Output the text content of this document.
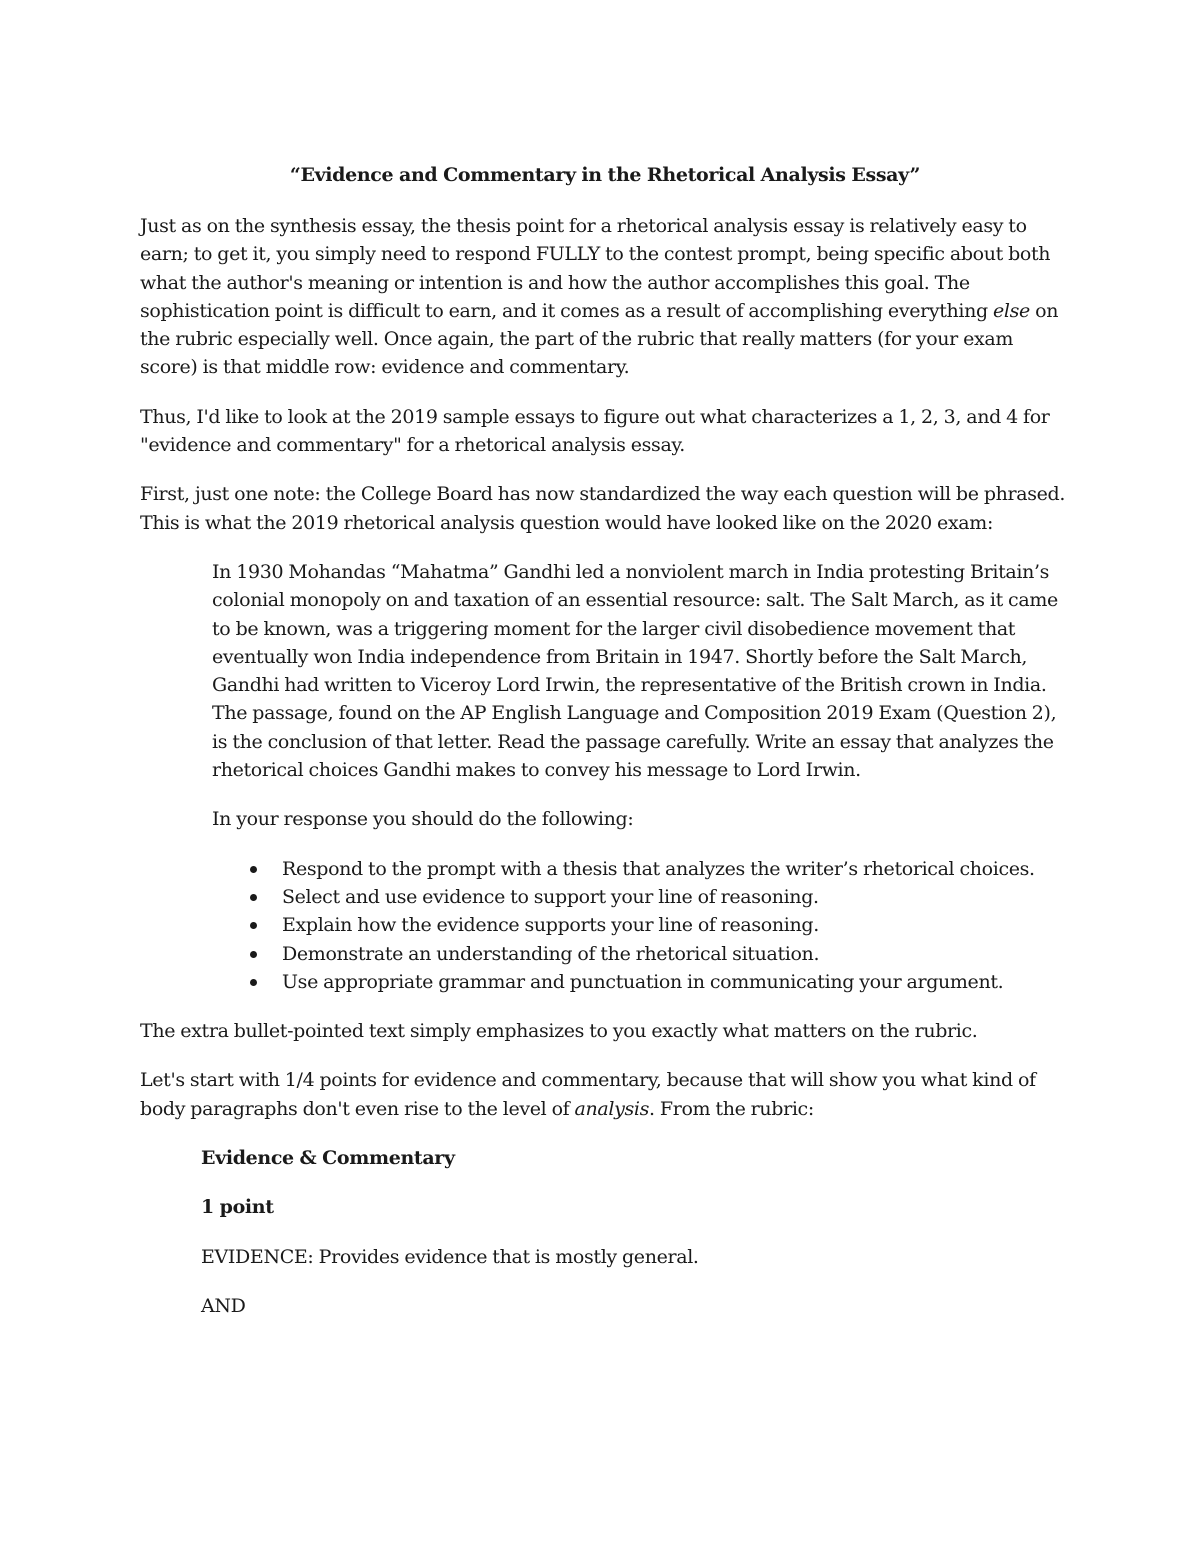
“Evidence and Commentary in the Rhetorical Analysis Essay”

Just as on the synthesis essay, the thesis point for a rhetorical analysis essay is relatively easy to earn; to get it, you simply need to respond FULLY to the contest prompt, being specific about both what the author's meaning or intention is and how the author accomplishes this goal. The sophistication point is difficult to earn, and it comes as a result of accomplishing everything else on the rubric especially well. Once again, the part of the rubric that really matters (for your exam score) is that middle row: evidence and commentary.

Thus, I'd like to look at the 2019 sample essays to figure out what characterizes a 1, 2, 3, and 4 for "evidence and commentary" for a rhetorical analysis essay.

First, just one note: the College Board has now standardized the way each question will be phrased. This is what the 2019 rhetorical analysis question would have looked like on the 2020 exam:

In 1930 Mohandas “Mahatma” Gandhi led a nonviolent march in India protesting Britain’s colonial monopoly on and taxation of an essential resource: salt. The Salt March, as it came to be known, was a triggering moment for the larger civil disobedience movement that eventually won India independence from Britain in 1947. Shortly before the Salt March, Gandhi had written to Viceroy Lord Irwin, the representative of the British crown in India. The passage, found on the AP English Language and Composition 2019 Exam (Question 2), is the conclusion of that letter. Read the passage carefully. Write an essay that analyzes the rhetorical choices Gandhi makes to convey his message to Lord Irwin.

In your response you should do the following:

Respond to the prompt with a thesis that analyzes the writer’s rhetorical choices.
Select and use evidence to support your line of reasoning.
Explain how the evidence supports your line of reasoning.
Demonstrate an understanding of the rhetorical situation.
Use appropriate grammar and punctuation in communicating your argument.

The extra bullet-pointed text simply emphasizes to you exactly what matters on the rubric.

Let's start with 1/4 points for evidence and commentary, because that will show you what kind of body paragraphs don't even rise to the level of analysis. From the rubric:

Evidence & Commentary

1 point

EVIDENCE: Provides evidence that is mostly general.

AND
